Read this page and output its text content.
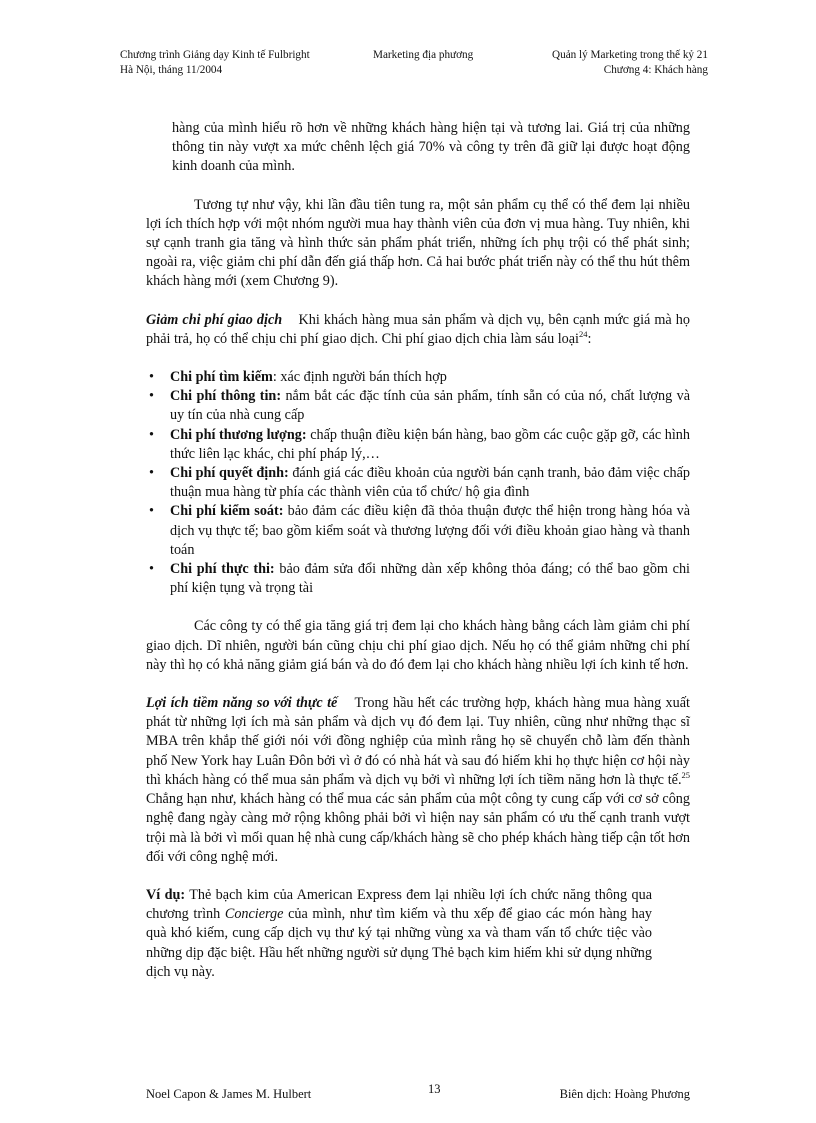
Chương trình Giảng dạy Kinh tế Fulbright
Hà Nội, tháng 11/2004
Marketing địa phương	Quản lý Marketing trong thế kỷ 21
Chương 4: Khách hàng

hàng của mình hiểu rõ hơn về những khách hàng hiện tại và tương lai. Giá trị của những thông tin này vượt xa mức chênh lệch giá 70% và công ty trên đã giữ lại được hoạt động kinh doanh của mình.

Tương tự như vậy, khi lần đầu tiên tung ra, một sản phẩm cụ thể có thể đem lại nhiều lợi ích thích hợp với một nhóm người mua hay thành viên của đơn vị mua hàng. Tuy nhiên, khi sự cạnh tranh gia tăng và hình thức sản phẩm phát triển, những ích phụ trội có thể phát sinh; ngoài ra, việc giảm chi phí dẫn đến giá thấp hơn. Cả hai bước phát triển này có thể thu hút thêm khách hàng mới (xem Chương 9).

Giảm chi phí giao dịch Khi khách hàng mua sản phẩm và dịch vụ, bên cạnh mức giá mà họ phải trả, họ có thể chịu chi phí giao dịch. Chi phí giao dịch chia làm sáu loại$^{24}$:

• Chi phí tìm kiếm: xác định người bán thích hợp
• Chi phí thông tin: nắm bắt các đặc tính của sản phẩm, tính sẵn có của nó, chất lượng và uy tín của nhà cung cấp
• Chi phí thương lượng: chấp thuận điều kiện bán hàng, bao gồm các cuộc gặp gỡ, các hình thức liên lạc khác, chi phí pháp lý,…
• Chi phí quyết định: đánh giá các điều khoản của người bán cạnh tranh, bảo đảm việc chấp thuận mua hàng từ phía các thành viên của tổ chức/ hộ gia đình
• Chi phí kiểm soát: bảo đảm các điều kiện đã thỏa thuận được thể hiện trong hàng hóa và dịch vụ thực tế; bao gồm kiểm soát và thương lượng đối với điều khoản giao hàng và thanh toán
• Chi phí thực thi: bảo đảm sửa đổi những dàn xếp không thỏa đáng; có thể bao gồm chi phí kiện tụng và trọng tài

Các công ty có thể gia tăng giá trị đem lại cho khách hàng bằng cách làm giảm chi phí giao dịch. Dĩ nhiên, người bán cũng chịu chi phí giao dịch. Nếu họ có thể giảm những chi phí này thì họ có khả năng giảm giá bán và do đó đem lại cho khách hàng nhiều lợi ích kinh tế hơn.

Lợi ích tiềm năng so với thực tế Trong hầu hết các trường hợp, khách hàng mua hàng xuất phát từ những lợi ích mà sản phẩm và dịch vụ đó đem lại. Tuy nhiên, cũng như những thạc sĩ MBA trên khắp thế giới nói với đồng nghiệp của mình rằng họ sẽ chuyển chỗ làm đến thành phố New York hay Luân Đôn bởi vì ở đó có nhà hát và sau đó hiếm khi họ thực hiện cơ hội này thì khách hàng có thể mua sản phẩm và dịch vụ bởi vì những lợi ích tiềm năng hơn là thực tế.$^{25}$ Chẳng hạn như, khách hàng có thể mua các sản phẩm của một công ty cung cấp với cơ sở công nghệ đang ngày càng mở rộng không phải bởi vì hiện nay sản phẩm có ưu thế cạnh tranh vượt trội mà là bởi vì mối quan hệ nhà cung cấp/khách hàng sẽ cho phép khách hàng tiếp cận tốt hơn đối với công nghệ mới.

Ví dụ: Thẻ bạch kim của American Express đem lại nhiều lợi ích chức năng thông qua chương trình Concierge của mình, như tìm kiếm và thu xếp để giao các món hàng hay quà khó kiếm, cung cấp dịch vụ thư ký tại những vùng xa và tham vấn tổ chức tiệc vào những dịp đặc biệt. Hầu hết những người sử dụng Thẻ bạch kim hiếm khi sử dụng những dịch vụ này.

Noel Capon & James M. Hulbert	13	Biên dịch: Hoàng Phương
